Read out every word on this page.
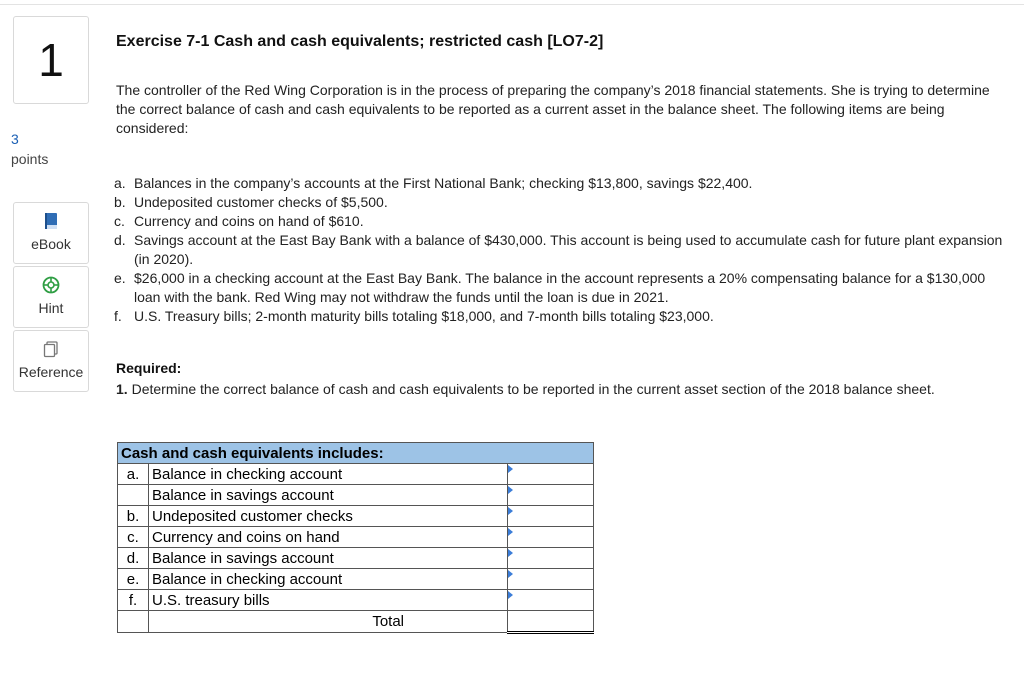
1
3
points
eBook
Hint
Reference
Exercise 7-1 Cash and cash equivalents; restricted cash [LO7-2]
The controller of the Red Wing Corporation is in the process of preparing the company’s 2018 financial statements. She is trying to determine the correct balance of cash and cash equivalents to be reported as a current asset in the balance sheet. The following items are being considered:
a. Balances in the company’s accounts at the First National Bank; checking $13,800, savings $22,400.
b. Undeposited customer checks of $5,500.
c. Currency and coins on hand of $610.
d. Savings account at the East Bay Bank with a balance of $430,000. This account is being used to accumulate cash for future plant expansion (in 2020).
e. $26,000 in a checking account at the East Bay Bank. The balance in the account represents a 20% compensating balance for a $130,000 loan with the bank. Red Wing may not withdraw the funds until the loan is due in 2021.
f. U.S. Treasury bills; 2-month maturity bills totaling $18,000, and 7-month bills totaling $23,000.
Required:
1. Determine the correct balance of cash and cash equivalents to be reported in the current asset section of the 2018 balance sheet.
Cash and cash equivalents includes:		
a.	Balance in checking account	

	Balance in savings account	

b.	Undeposited customer checks	

c.	Currency and coins on hand	

d.	Balance in savings account	

e.	Balance in checking account	

f.	U.S. treasury bills	

	Total	
